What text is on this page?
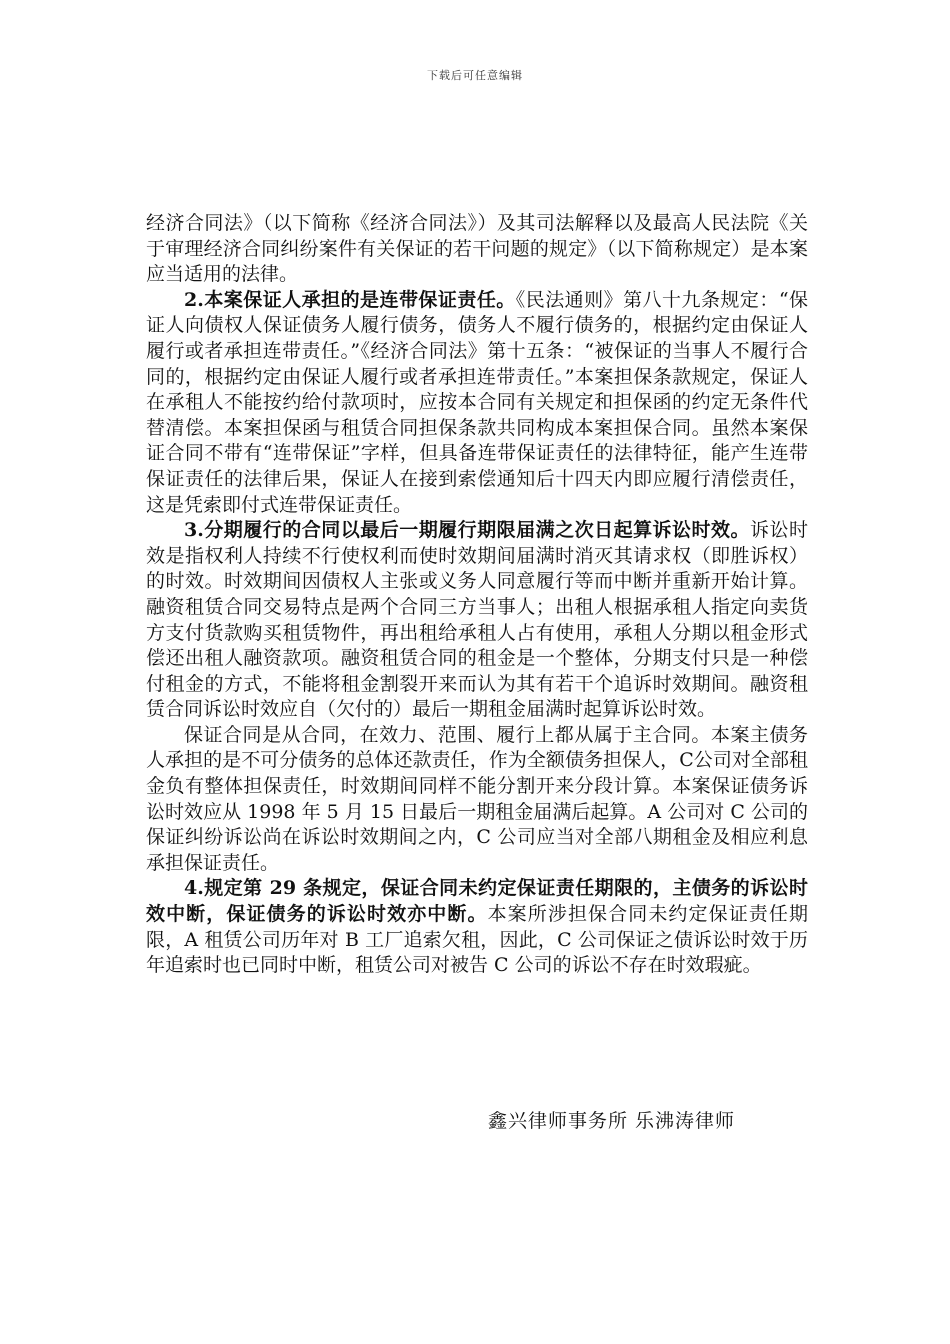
下载后可任意编辑

经济合同法》（以下简称《经济合同法》）及其司法解释以及最高人民法院《关于审理经济合同纠纷案件有关保证的若干问题的规定》（以下简称规定）是本案应当适用的法律。

2.本案保证人承担的是连带保证责任。《民法通则》第八十九条规定：“保证人向债权人保证债务人履行债务，债务人不履行债务的，根据约定由保证人履行或者承担连带责任。”《经济合同法》第十五条：“被保证的当事人不履行合同的，根据约定由保证人履行或者承担连带责任。”本案担保条款规定，保证人在承租人不能按约给付款项时，应按本合同有关规定和担保函的约定无条件代替清偿。本案担保函与租赁合同担保条款共同构成本案担保合同。虽然本案保证合同不带有“连带保证”字样，但具备连带保证责任的法律特征，能产生连带保证责任的法律后果，保证人在接到索偿通知后十四天内即应履行清偿责任，这是凭索即付式连带保证责任。

3.分期履行的合同以最后一期履行期限届满之次日起算诉讼时效。诉讼时效是指权利人持续不行使权利而使时效期间届满时消灭其请求权（即胜诉权）的时效。时效期间因债权人主张或义务人同意履行等而中断并重新开始计算。融资租赁合同交易特点是两个合同三方当事人；出租人根据承租人指定向卖货方支付货款购买租赁物件，再出租给承租人占有使用，承租人分期以租金形式偿还出租人融资款项。融资租赁合同的租金是一个整体，分期支付只是一种偿付租金的方式，不能将租金割裂开来而认为其有若干个追诉时效期间。融资租赁合同诉讼时效应自（欠付的）最后一期租金届满时起算诉讼时效。

保证合同是从合同，在效力、范围、履行上都从属于主合同。本案主债务人承担的是不可分债务的总体还款责任，作为全额债务担保人，C公司对全部租金负有整体担保责任，时效期间同样不能分割开来分段计算。本案保证债务诉讼时效应从 1998 年 5 月 15 日最后一期租金届满后起算。A 公司对 C 公司的保证纠纷诉讼尚在诉讼时效期间之内，C 公司应当对全部八期租金及相应利息承担保证责任。

4.规定第 29 条规定，保证合同未约定保证责任期限的，主债务的诉讼时效中断，保证债务的诉讼时效亦中断。本案所涉担保合同未约定保证责任期限，A 租赁公司历年对 B 工厂追索欠租，因此，C 公司保证之债诉讼时效于历年追索时也已同时中断，租赁公司对被告 C 公司的诉讼不存在时效瑕疵。

鑫兴律师事务所 乐沸涛律师
